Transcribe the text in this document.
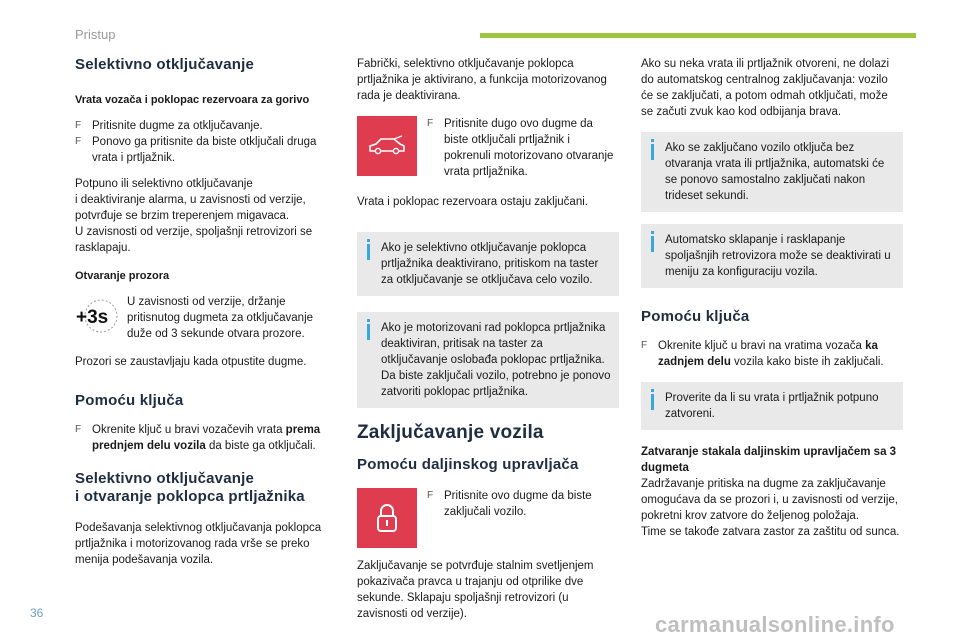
Pristup
Selektivno otključavanje
Vrata vozača i poklopac rezervoara za gorivo
F Pritisnite dugme za otključavanje.
F Ponovo ga pritisnite da biste otključali druga vrata i prtljažnik.

Potpuno ili selektivno otključavanje
i deaktiviranje alarma, u zavisnosti od verzije,
potvrđuje se brzim treperenjem migavaca.
U zavisnosti od verzije, spoljašnji retrovizori se
rasklapaju.

Otvaranje prozora
+3s
U zavisnosti od verzije, držanje pritisnutog dugmeta za otključavanje duže od 3 sekunde otvara prozore.

Prozori se zaustavljaju kada otpustite dugme.

Pomoću ključa
F Okrenite ključ u bravi vozačevih vrata prema prednjem delu vozila da biste ga otključali.
Selektivno otključavanje
i otvaranje poklopca prtljažnika

Podešavanja selektivnog otključavanja poklopca prtljažnika i motorizovanog rada vrše se preko menija podešavanja vozila.

Fabrički, selektivno otključavanje poklopca prtljažnika je aktivirano, a funkcija motorizovanog rada je deaktivirana.

F Pritisnite dugo ovo dugme da biste otključali prtljažnik i pokrenuli motorizovano otvaranje vrata prtljažnika.

Vrata i poklopac rezervoara ostaju zaključani.

Ako je selektivno otključavanje poklopca prtljažnika deaktivirano, pritiskom na taster za otključavanje se otključava celo vozilo.
Ako je motorizovani rad poklopca prtljažnika deaktiviran, pritisak na taster za otključavanje oslobađa poklopac prtljažnika. Da biste zaključali vozilo, potrebno je ponovo zatvoriti poklopac prtljažnika.
Zaključavanje vozila
Pomoću daljinskog upravljača
F Pritisnite ovo dugme da biste zaključali vozilo.

Zaključavanje se potvrđuje stalnim svetljenjem pokazivača pravca u trajanju od otprilike dve sekunde. Sklapaju spoljašnji retrovizori (u zavisnosti od verzije).

Ako su neka vrata ili prtljažnik otvoreni, ne dolazi do automatskog centralnog zaključavanja: vozilo će se zaključati, a potom odmah otključati, može se začuti zvuk kao kod odbijanja brava.

Ako se zaključano vozilo otključa bez otvaranja vrata ili prtljažnika, automatski će se ponovo samostalno zaključati nakon trideset sekundi.
Automatsko sklapanje i rasklapanje spoljašnjih retrovizora može se deaktivirati u meniju za konfiguraciju vozila.
Pomoću ključa
F Okrenite ključ u bravi na vratima vozača ka zadnjem delu vozila kako biste ih zaključali.
Proverite da li su vrata i prtljažnik potpuno zatvoreni.
Zatvaranje stakala daljinskim upravljačem sa 3 dugmeta

Zadržavanje pritiska na dugme za zaključavanje omogućava da se prozori i, u zavisnosti od verzije, pokretni krov zatvore do željenog položaja.

Time se takođe zatvara zastor za zaštitu od sunca.

36	carmanualsonline.info
